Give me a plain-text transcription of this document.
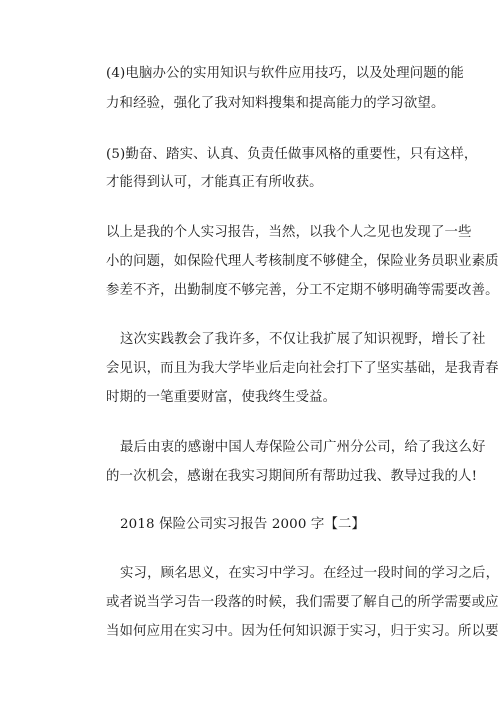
(4)电脑办公的实用知识与软件应用技巧，以及处理问题的能
力和经验，强化了我对知料搜集和提高能力的学习欲望。
(5)勤奋、踏实、认真、负责任做事风格的重要性，只有这样，
才能得到认可，才能真正有所收获。
以上是我的个人实习报告，当然，以我个人之见也发现了一些
小的问题，如保险代理人考核制度不够健全，保险业务员职业素质
参差不齐，出勤制度不够完善，分工不定期不够明确等需要改善。
这次实践教会了我许多，不仅让我扩展了知识视野，增长了社
会见识，而且为我大学毕业后走向社会打下了坚实基础，是我青春
时期的一笔重要财富，使我终生受益。
最后由衷的感谢中国人寿保险公司广州分公司，给了我这么好
的一次机会，感谢在我实习期间所有帮助过我、教导过我的人!
2018 保险公司实习报告 2000 字【二】
实习，顾名思义，在实习中学习。在经过一段时间的学习之后，
或者说当学习告一段落的时候，我们需要了解自己的所学需要或应
当如何应用在实习中。因为任何知识源于实习，归于实习。所以要
